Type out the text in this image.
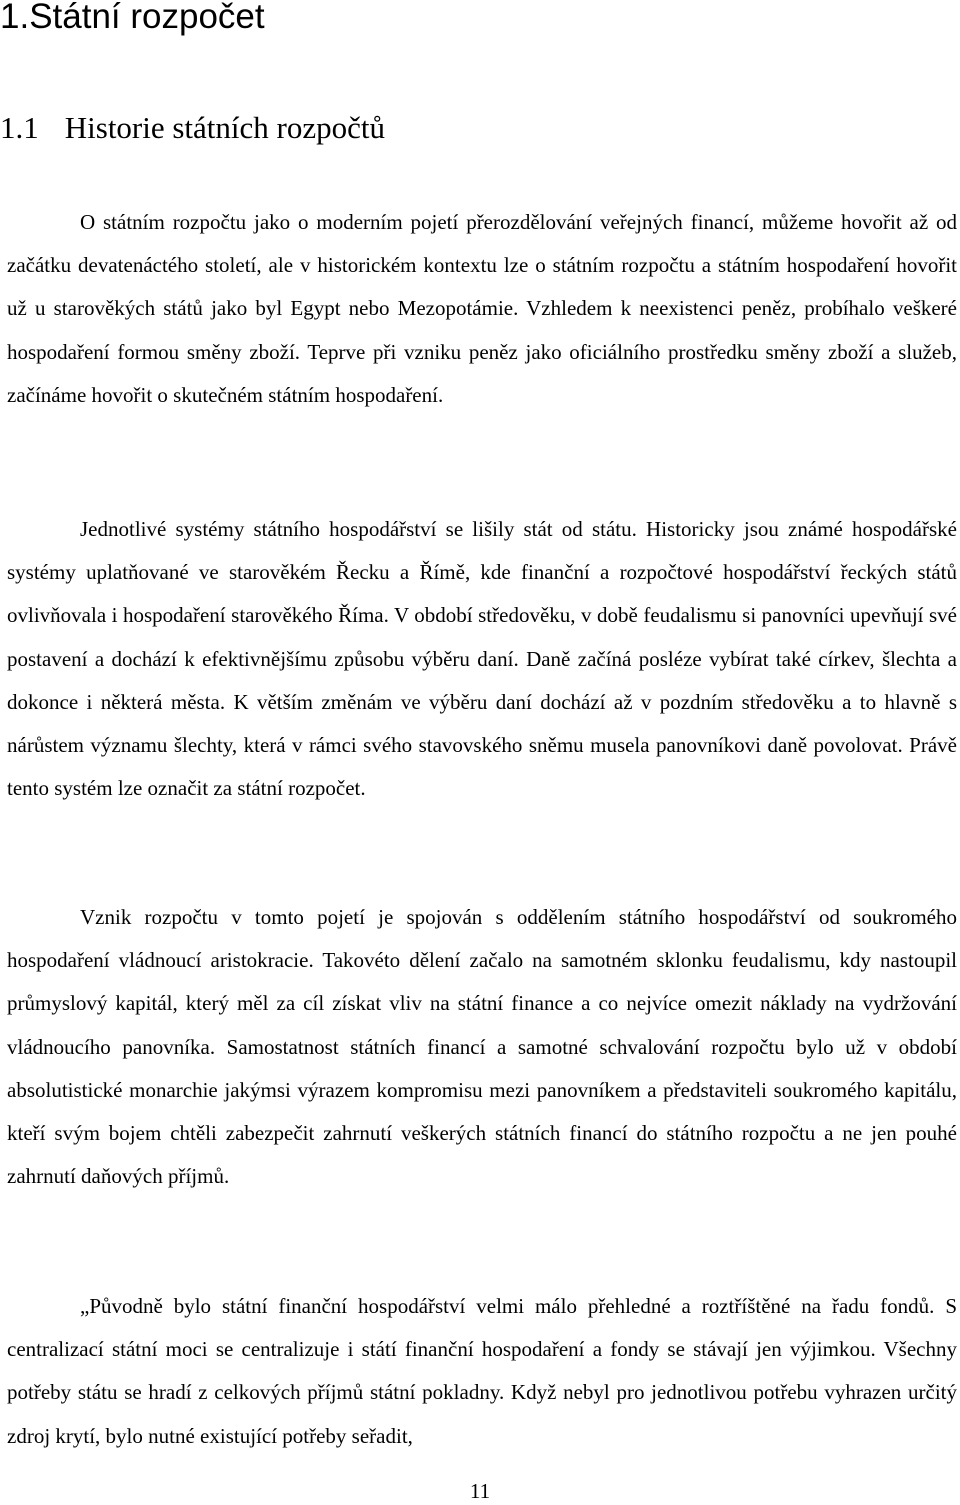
1.Státní rozpočet
1.1 Historie státních rozpočtů

O státním rozpočtu jako o moderním pojetí přerozdělování veřejných financí, můžeme hovořit až od začátku devatenáctého století, ale v historickém kontextu lze o státním rozpočtu a státním hospodaření hovořit už u starověkých států jako byl Egypt nebo Mezopotámie. Vzhledem k neexistenci peněz, probíhalo veškeré hospodaření formou směny zboží. Teprve při vzniku peněz jako oficiálního prostředku směny zboží a služeb, začínáme hovořit o skutečném státním hospodaření.

Jednotlivé systémy státního hospodářství se lišily stát od státu. Historicky jsou známé hospodářské systémy uplatňované ve starověkém Řecku a Římě, kde finanční a rozpočtové hospodářství řeckých států ovlivňovala i hospodaření starověkého Říma. V období středověku, v době feudalismu si panovníci upevňují své postavení a dochází k efektivnějšímu způsobu výběru daní. Daně začíná posléze vybírat také církev, šlechta a dokonce i některá města. K větším změnám ve výběru daní dochází až v pozdním středověku a to hlavně s nárůstem významu šlechty, která v rámci svého stavovského sněmu musela panovníkovi daně povolovat. Právě tento systém lze označit za státní rozpočet.

Vznik rozpočtu v tomto pojetí je spojován s oddělením státního hospodářství od soukromého hospodaření vládnoucí aristokracie. Takovéto dělení začalo na samotném sklonku feudalismu, kdy nastoupil průmyslový kapitál, který měl za cíl získat vliv na státní finance a co nejvíce omezit náklady na vydržování vládnoucího panovníka. Samostatnost státních financí a samotné schvalování rozpočtu bylo už v období absolutistické monarchie jakýmsi výrazem kompromisu mezi panovníkem a představiteli soukromého kapitálu, kteří svým bojem chtěli zabezpečit zahrnutí veškerých státních financí do státního rozpočtu a ne jen pouhé zahrnutí daňových příjmů.

„Původně bylo státní finanční hospodářství velmi málo přehledné a roztříštěné na řadu fondů. S centralizací státní moci se centralizuje i státí finanční hospodaření a fondy se stávají jen výjimkou. Všechny potřeby státu se hradí z celkových příjmů státní pokladny. Když nebyl pro jednotlivou potřebu vyhrazen určitý zdroj krytí, bylo nutné existující potřeby seřadit,

11
